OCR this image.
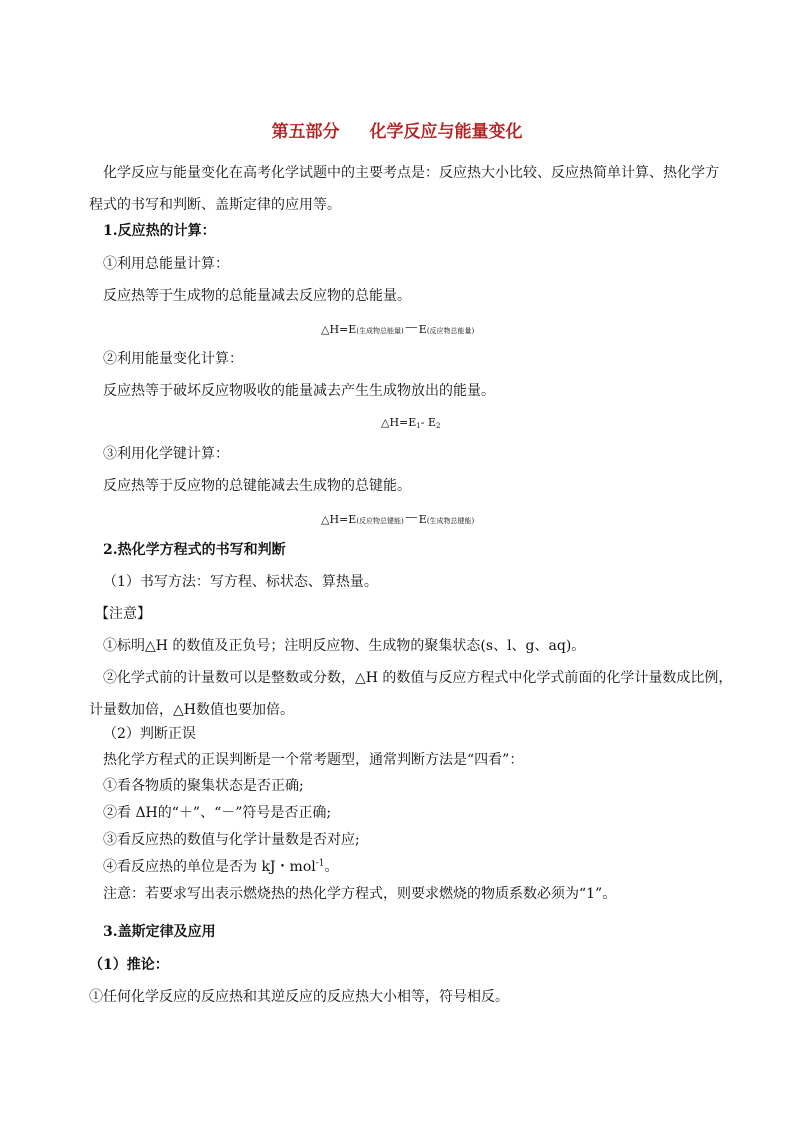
第五部分 化学反应与能量变化
化学反应与能量变化在高考化学试题中的主要考点是：反应热大小比较、反应热简单计算、热化学方
程式的书写和判断、盖斯定律的应用等。
1.反应热的计算：
①利用总能量计算：
反应热等于生成物的总能量减去反应物的总能量。
△H=E(生成物总能量)－E(反应物总能量)
②利用能量变化计算：
反应热等于破坏反应物吸收的能量减去产生生成物放出的能量。
△H=E1- E2
③利用化学键计算：
反应热等于反应物的总键能减去生成物的总键能。
△H=E(反应物总键能)－E(生成物总键能)
2.热化学方程式的书写和判断
（1）书写方法：写方程、标状态、算热量。
【注意】
①标明△H 的数值及正负号；注明反应物、生成物的聚集状态(s、l、g、aq)。
②化学式前的计量数可以是整数或分数，△H 的数值与反应方程式中化学式前面的化学计量数成比例，
计量数加倍，△H数值也要加倍。
（2）判断正误
热化学方程式的正误判断是一个常考题型，通常判断方法是“四看”：
①看各物质的聚集状态是否正确;
②看 ΔH的“＋”、“－”符号是否正确;
③看反应热的数值与化学计量数是否对应;
④看反应热的单位是否为 kJ・mol$^{-1}$。
注意：若要求写出表示燃烧热的热化学方程式，则要求燃烧的物质系数必须为“1”。
3.盖斯定律及应用
（1）推论：
①任何化学反应的反应热和其逆反应的反应热大小相等，符号相反。
